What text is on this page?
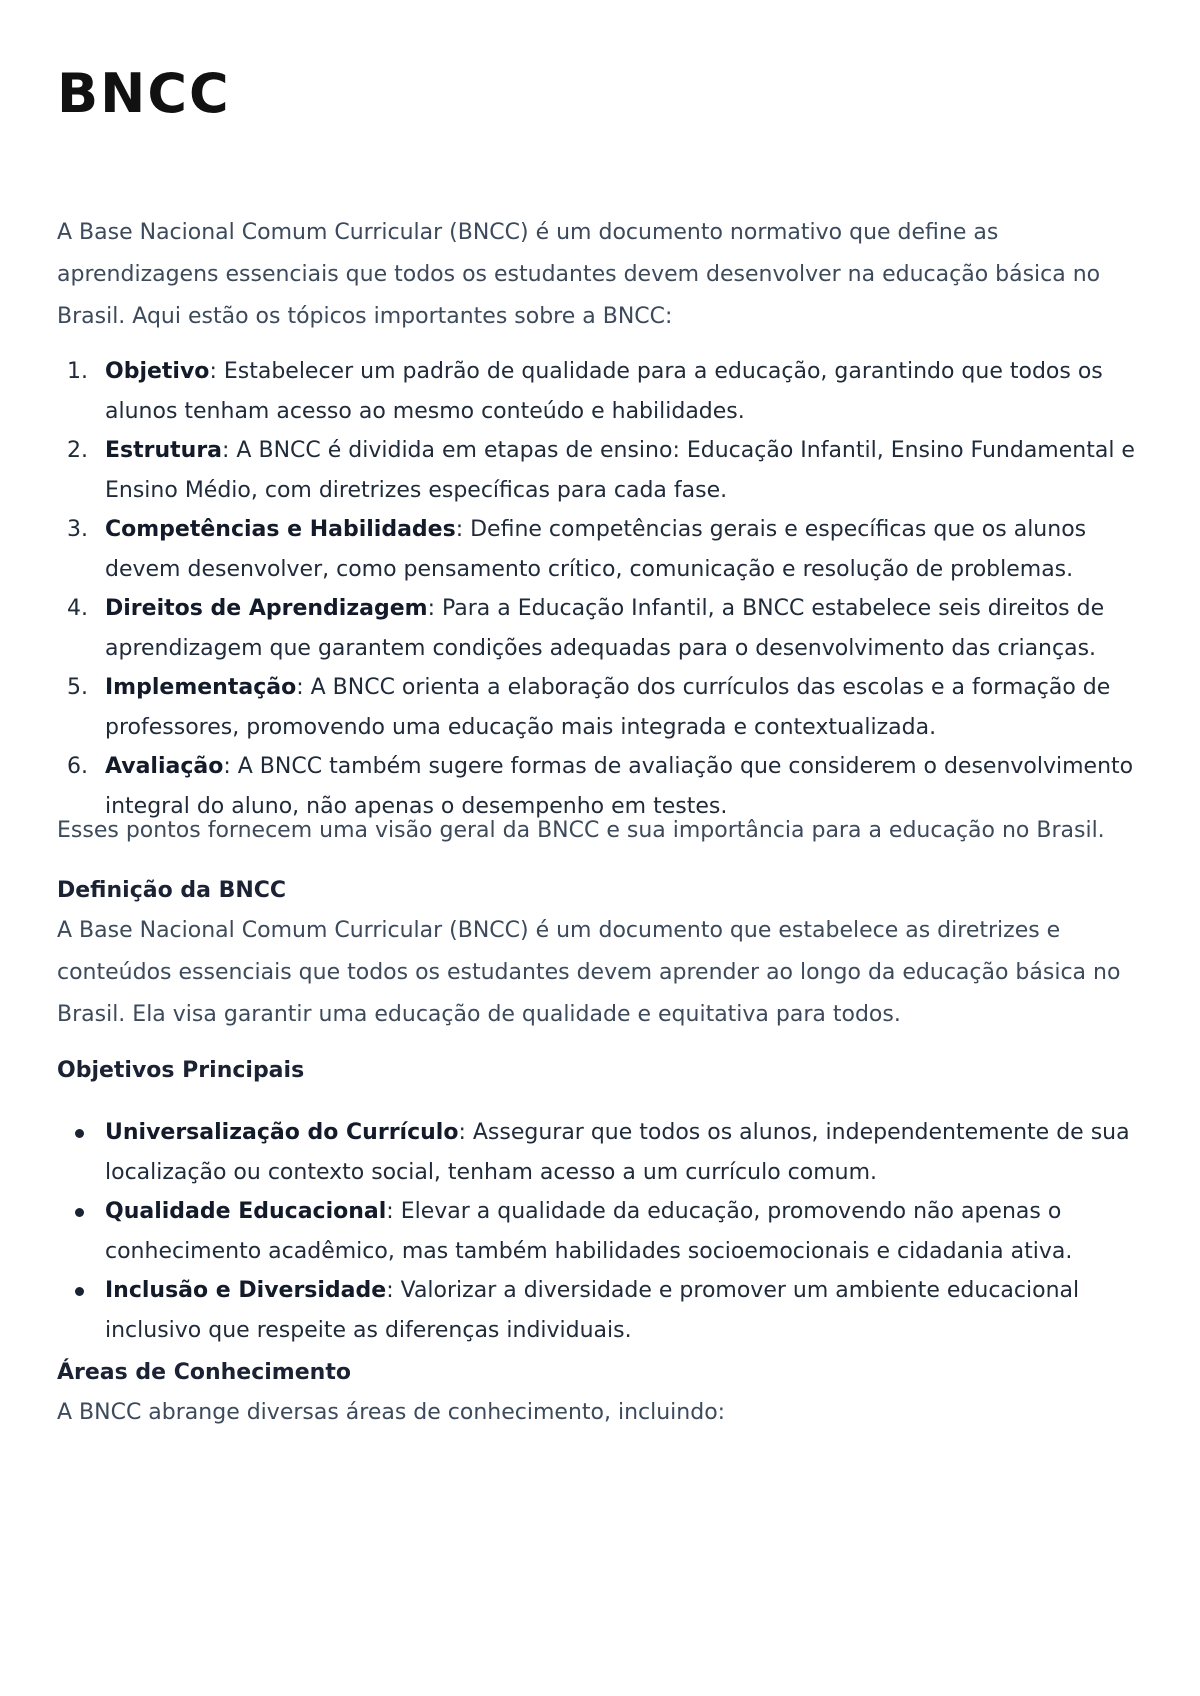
BNCC

A Base Nacional Comum Curricular (BNCC) é um documento normativo que define as aprendizagens essenciais que todos os estudantes devem desenvolver na educação básica no Brasil. Aqui estão os tópicos importantes sobre a BNCC:

1. Objetivo: Estabelecer um padrão de qualidade para a educação, garantindo que todos os alunos tenham acesso ao mesmo conteúdo e habilidades.
2. Estrutura: A BNCC é dividida em etapas de ensino: Educação Infantil, Ensino Fundamental e Ensino Médio, com diretrizes específicas para cada fase.
3. Competências e Habilidades: Define competências gerais e específicas que os alunos devem desenvolver, como pensamento crítico, comunicação e resolução de problemas.
4. Direitos de Aprendizagem: Para a Educação Infantil, a BNCC estabelece seis direitos de aprendizagem que garantem condições adequadas para o desenvolvimento das crianças.
5. Implementação: A BNCC orienta a elaboração dos currículos das escolas e a formação de professores, promovendo uma educação mais integrada e contextualizada.
6. Avaliação: A BNCC também sugere formas de avaliação que considerem o desenvolvimento integral do aluno, não apenas o desempenho em testes.

Esses pontos fornecem uma visão geral da BNCC e sua importância para a educação no Brasil.

Definição da BNCC

A Base Nacional Comum Curricular (BNCC) é um documento que estabelece as diretrizes e conteúdos essenciais que todos os estudantes devem aprender ao longo da educação básica no Brasil. Ela visa garantir uma educação de qualidade e equitativa para todos.

Objetivos Principais
Universalização do Currículo: Assegurar que todos os alunos, independentemente de sua localização ou contexto social, tenham acesso a um currículo comum.
Qualidade Educacional: Elevar a qualidade da educação, promovendo não apenas o conhecimento acadêmico, mas também habilidades socioemocionais e cidadania ativa.
Inclusão e Diversidade: Valorizar a diversidade e promover um ambiente educacional inclusivo que respeite as diferenças individuais.
Áreas de Conhecimento

A BNCC abrange diversas áreas de conhecimento, incluindo:
